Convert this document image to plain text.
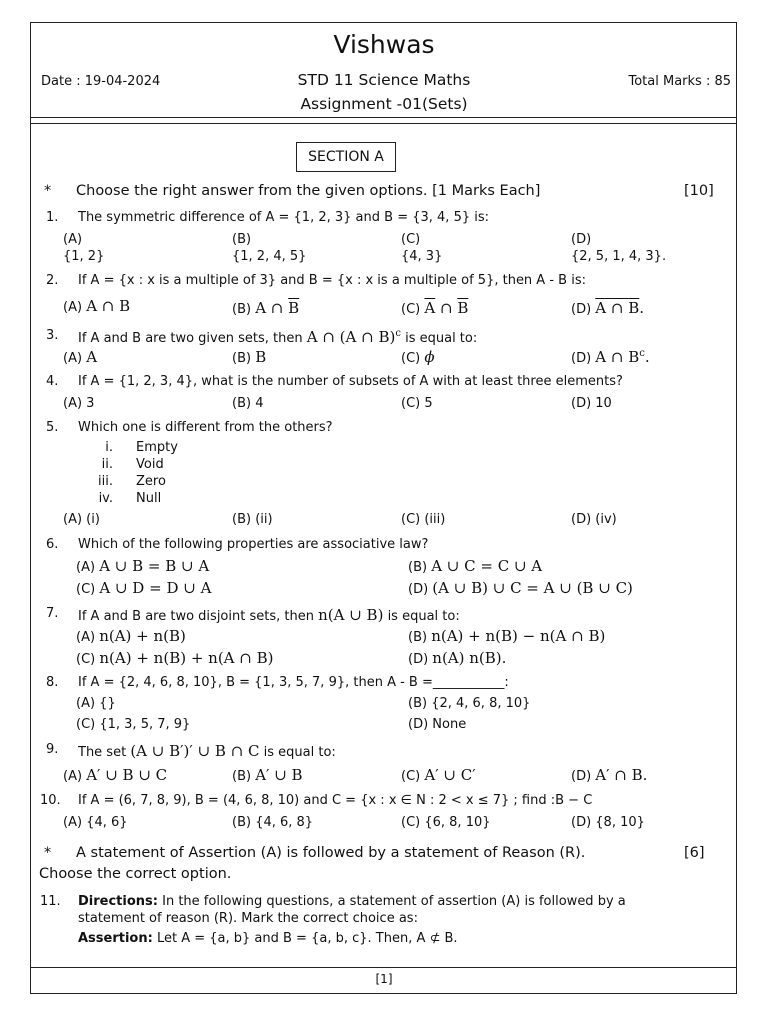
Vishwas
Date : 19-04-2024	STD 11 Science Maths
Assignment -01(Sets)
Total Marks : 85
SECTION A
* Choose the right answer from the given options. [1 Marks Each]	[10]
1. The symmetric difference of A = {1, 2, 3} and B = {3, 4, 5} is:
(A)	(B)	(C)	(D)
{1, 2}	{1, 2, 4, 5}	{4, 3}	{2, 5, 1, 4, 3}.
2. If A = {x : x is a multiple of 3} and B = {x : x is a multiple of 5}, then A - B is:
(A) A ∩ B	(B) A ∩ $\overline{B}$	(C) $\overline{A}$ ∩ $\overline{B}$	(D) A ∩ B.
3. If A and B are two given sets, then A ∩ (A ∩ B)$^c$ is equal to:
(A) A	(B) B	(C) ϕ	(D) A ∩ $B^c$.
4. If A = {1, 2, 3, 4}, what is the number of subsets of A with at least three elements?
(A) 3	(B) 4	(C) 5	(D) 10
5. Which one is different from the others?
i. Empty
ii. Void
iii. Zero
iv. Null
(A) (i)	(B) (ii)	(C) (iii)	(D) (iv)
6. Which of the following properties are associative law?
(A) A ∪ B = B ∪ A	(B) A ∪ C = C ∪ A
(C) A ∪ D = D ∪ A	(D) (A ∪ B) ∪ C = A ∪ (B ∪ C)
7. If A and B are two disjoint sets, then n(A ∪ B) is equal to:
(A) n(A) + n(B)	(B) n(A) + n(B) − n(A ∩ B)
(C) n(A) + n(B) + n(A ∩ B)	(D) n(A) n(B).
8. If A = {2, 4, 6, 8, 10}, B = {1, 3, 5, 7, 9}, then A - B =___________:
(A) {}	(B) {2, 4, 6, 8, 10}
(C) {1, 3, 5, 7, 9}	(D) None
9. The set (A ∪ B′)′ ∪ B ∩ C is equal to:
(A) A′ ∪ B ∪ C	(B) A′ ∪ B	(C) A′ ∪ C′	(D) A′ ∩ B.
10. If A = (6, 7, 8, 9), B = (4, 6, 8, 10) and C = {x : x ∈ N : 2 < x ≤ 7} ; find :B − C
(A) {4, 6}	(B) {4, 6, 8}	(C) {6, 8, 10}	(D) {8, 10}
* A statement of Assertion (A) is followed by a statement of Reason (R).	[6]
Choose the correct option.
11. Directions: In the following questions, a statement of assertion (A) is followed by a
statement of reason (R). Mark the correct choice as:
Assertion: Let A = {a, b} and B = {a, b, c}. Then, A ⊄ B.
[1]
